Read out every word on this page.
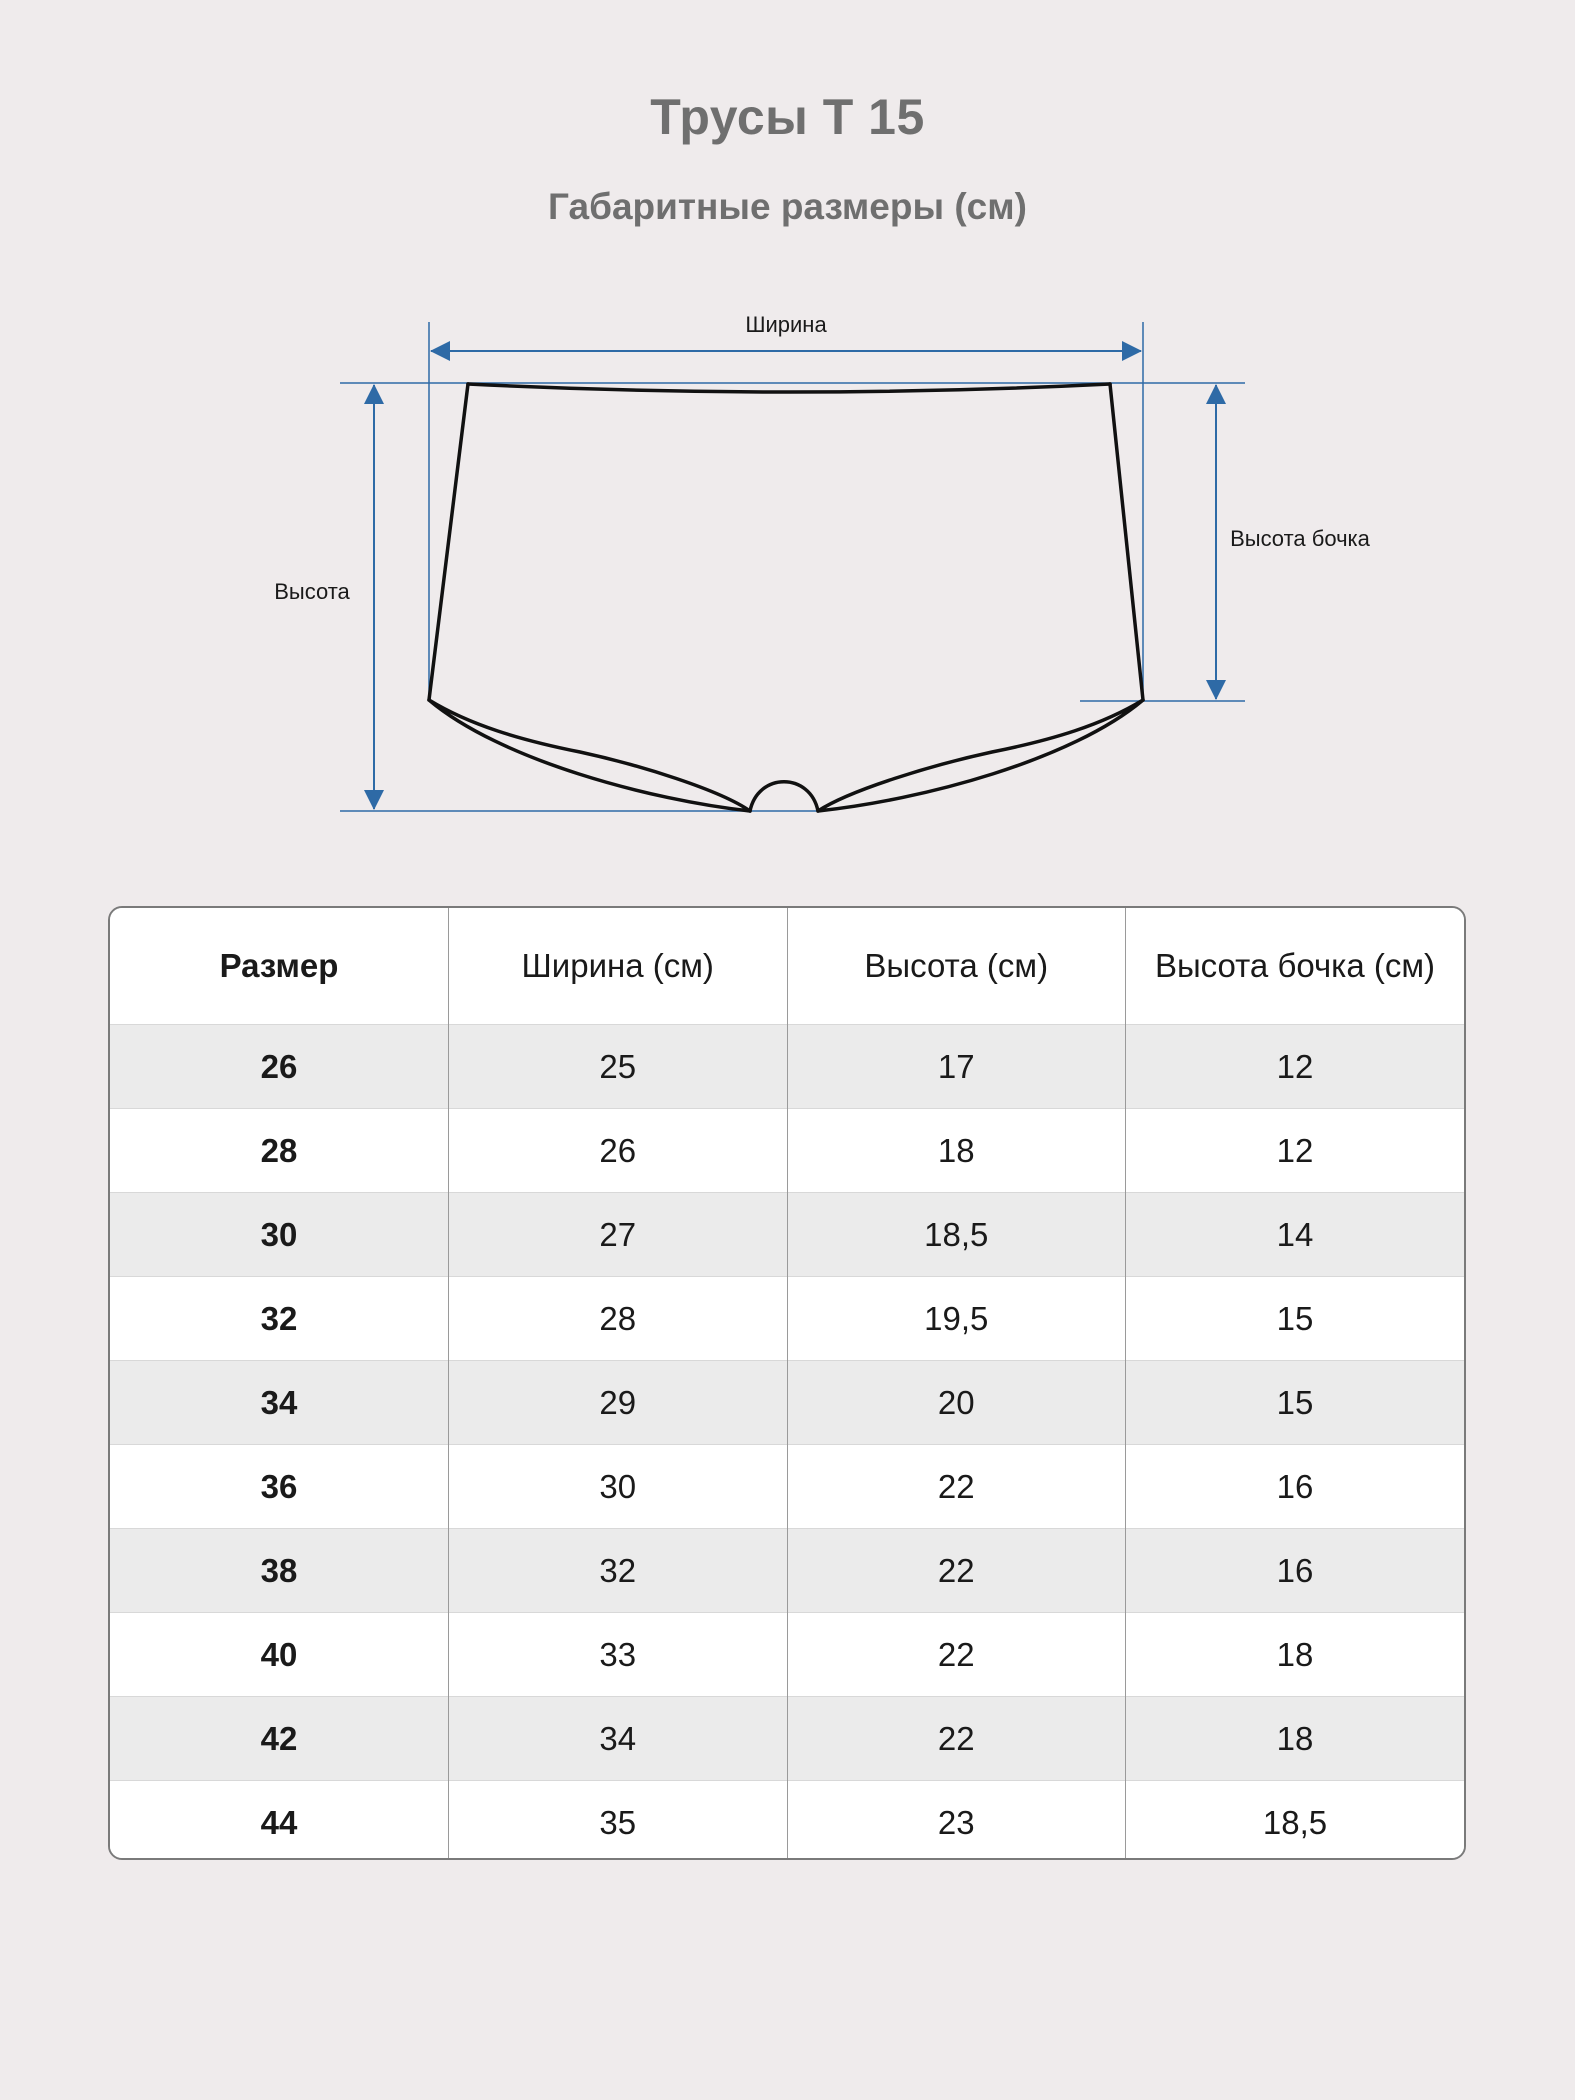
Трусы Т 15
Габаритные размеры (см)
Ширина
Высота
Высота бочка
Размер	Ширина (см)	Высота (см)	Высота бочка (см)
26	25	17	12
28	26	18	12
30	27	18,5	14
32	28	19,5	15
34	29	20	15
36	30	22	16
38	32	22	16
40	33	22	18
42	34	22	18
44	35	23	18,5
